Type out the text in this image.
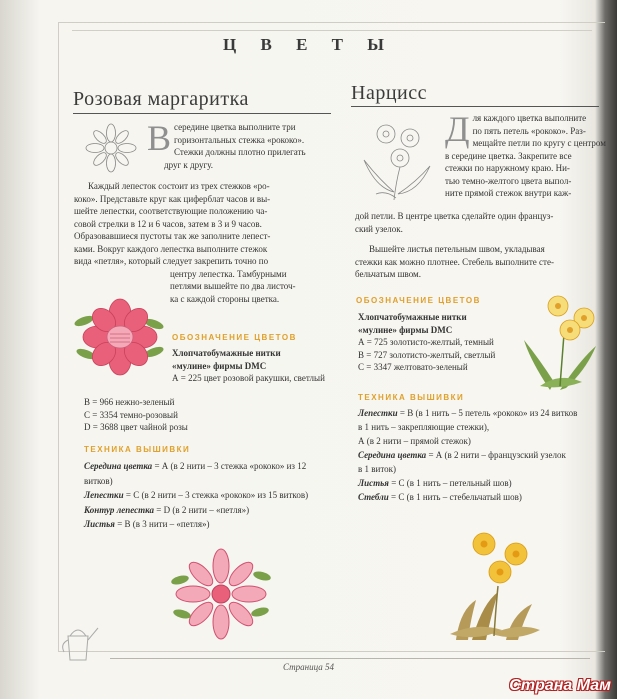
Ц В Е Т Ы
Розовая маргаритка
В середине цветка выполните три
горизонтальных стежка «рококо».
Стежки должны плотно прилегать
друг к другу.
Каждый лепесток состоит из трех стежков «ро-
коко». Представьте круг как циферблат часов и вы-
шейте лепестки, соответствующие положению ча-
совой стрелки в 12 и 6 часов, затем в 3 и 9 часов.
Образовавшиеся пустоты так же заполните лепест-
ками. Вокруг каждого лепестка выполните стежок
вида «петля», который следует закрепить точно по
центру лепестка. Тамбурными
петлями вышейте по два листоч-
ка с каждой стороны цветка.
ОБОЗНАЧЕНИЕ ЦВЕТОВ
Хлопчатобумажные нитки
«мулине» фирмы DMC
А = 225 цвет розовой ракушки, светлый
В = 966 нежно-зеленый
С = 3354 темно-розовый
D = 3688 цвет чайной розы
ТЕХНИКА ВЫШИВКИ
Середина цветка = А (в 2 нити – 3 стежка «рококо» из 12
витков)
Лепестки = С (в 2 нити – 3 стежка «рококо» из 15 витков)
Контур лепестка = D (в 2 нити – «петля»)
Листья = В (в 3 нити – «петля»)
Нарцисс
Д ля каждого цветка выполните
по пять петель «рококо». Раз-
мещайте петли по кругу с центром
в середине цветка. Закрепите все
стежки по наружному краю. Ни-
тью темно-желтого цвета выпол-
ните прямой стежок внутри каж-
дой петли. В центре цветка сделайте один француз-
ский узелок.
Вышейте листья петельным швом, укладывая
стежки как можно плотнее. Стебель выполните сте-
бельчатым швом.
ОБОЗНАЧЕНИЕ ЦВЕТОВ
Хлопчатобумажные нитки
«мулине» фирмы DMC
А = 725 золотисто-желтый, темный
В = 727 золотисто-желтый, светлый
С = 3347 желтовато-зеленый
ТЕХНИКА ВЫШИВКИ
Лепестки = В (в 1 нить – 5 петель «рококо» из 24 витков
в 1 нить – закрепляющие стежки),
А (в 2 нити – прямой стежок)
Середина цветка = А (в 2 нити – французский узелок
в 1 виток)
Листья = С (в 1 нить – петельный шов)
Стебли = С (в 1 нить – стебельчатый шов)
Страница 54
Страна Мам
